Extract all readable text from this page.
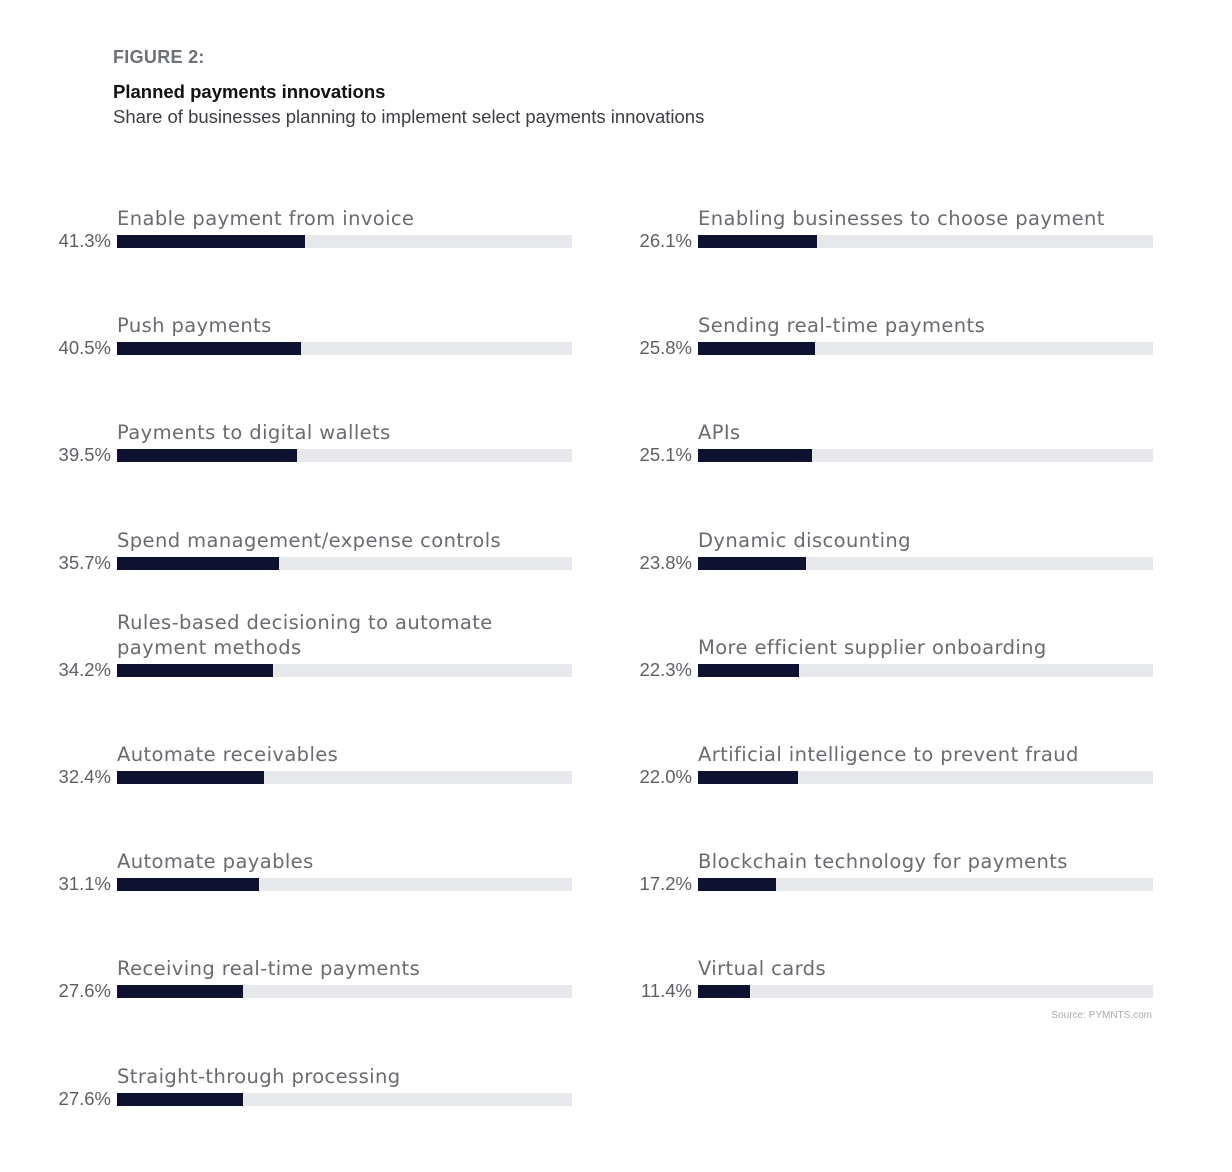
FIGURE 2:
Planned payments innovations
Share of businesses planning to implement select payments innovations
Enable payment from invoice
41.3%
Push payments
40.5%
Payments to digital wallets
39.5%
Spend management/expense controls
35.7%
Rules-based decisioning to automate payment methods
34.2%
Automate receivables
32.4%
Automate payables
31.1%
Receiving real-time payments
27.6%
Straight-through processing
27.6%
Enabling businesses to choose payment
26.1%
Sending real-time payments
25.8%
APIs
25.1%
Dynamic discounting
23.8%
More efficient supplier onboarding
22.3%
Artificial intelligence to prevent fraud
22.0%
Blockchain technology for payments
17.2%
Virtual cards
11.4%
Source: PYMNTS.com
